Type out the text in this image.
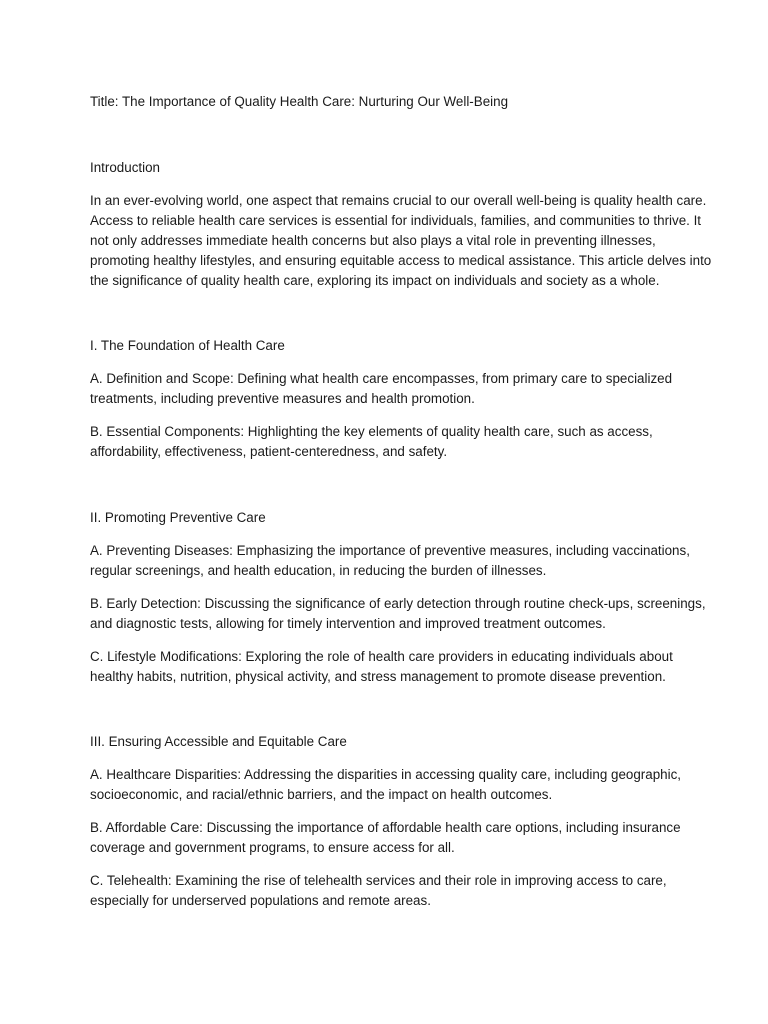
Title: The Importance of Quality Health Care: Nurturing Our Well-Being

Introduction

In an ever-evolving world, one aspect that remains crucial to our overall well-being is quality health care.
Access to reliable health care services is essential for individuals, families, and communities to thrive. It
not only addresses immediate health concerns but also plays a vital role in preventing illnesses,
promoting healthy lifestyles, and ensuring equitable access to medical assistance. This article delves into
the significance of quality health care, exploring its impact on individuals and society as a whole.

I. The Foundation of Health Care

A. Definition and Scope: Defining what health care encompasses, from primary care to specialized
treatments, including preventive measures and health promotion.
B. Essential Components: Highlighting the key elements of quality health care, such as access,
affordability, effectiveness, patient-centeredness, and safety.

II. Promoting Preventive Care

A. Preventing Diseases: Emphasizing the importance of preventive measures, including vaccinations,
regular screenings, and health education, in reducing the burden of illnesses.
B. Early Detection: Discussing the significance of early detection through routine check-ups, screenings,
and diagnostic tests, allowing for timely intervention and improved treatment outcomes.
C. Lifestyle Modifications: Exploring the role of health care providers in educating individuals about
healthy habits, nutrition, physical activity, and stress management to promote disease prevention.

III. Ensuring Accessible and Equitable Care

A. Healthcare Disparities: Addressing the disparities in accessing quality care, including geographic,
socioeconomic, and racial/ethnic barriers, and the impact on health outcomes.
B. Affordable Care: Discussing the importance of affordable health care options, including insurance
coverage and government programs, to ensure access for all.
C. Telehealth: Examining the rise of telehealth services and their role in improving access to care,
especially for underserved populations and remote areas.
